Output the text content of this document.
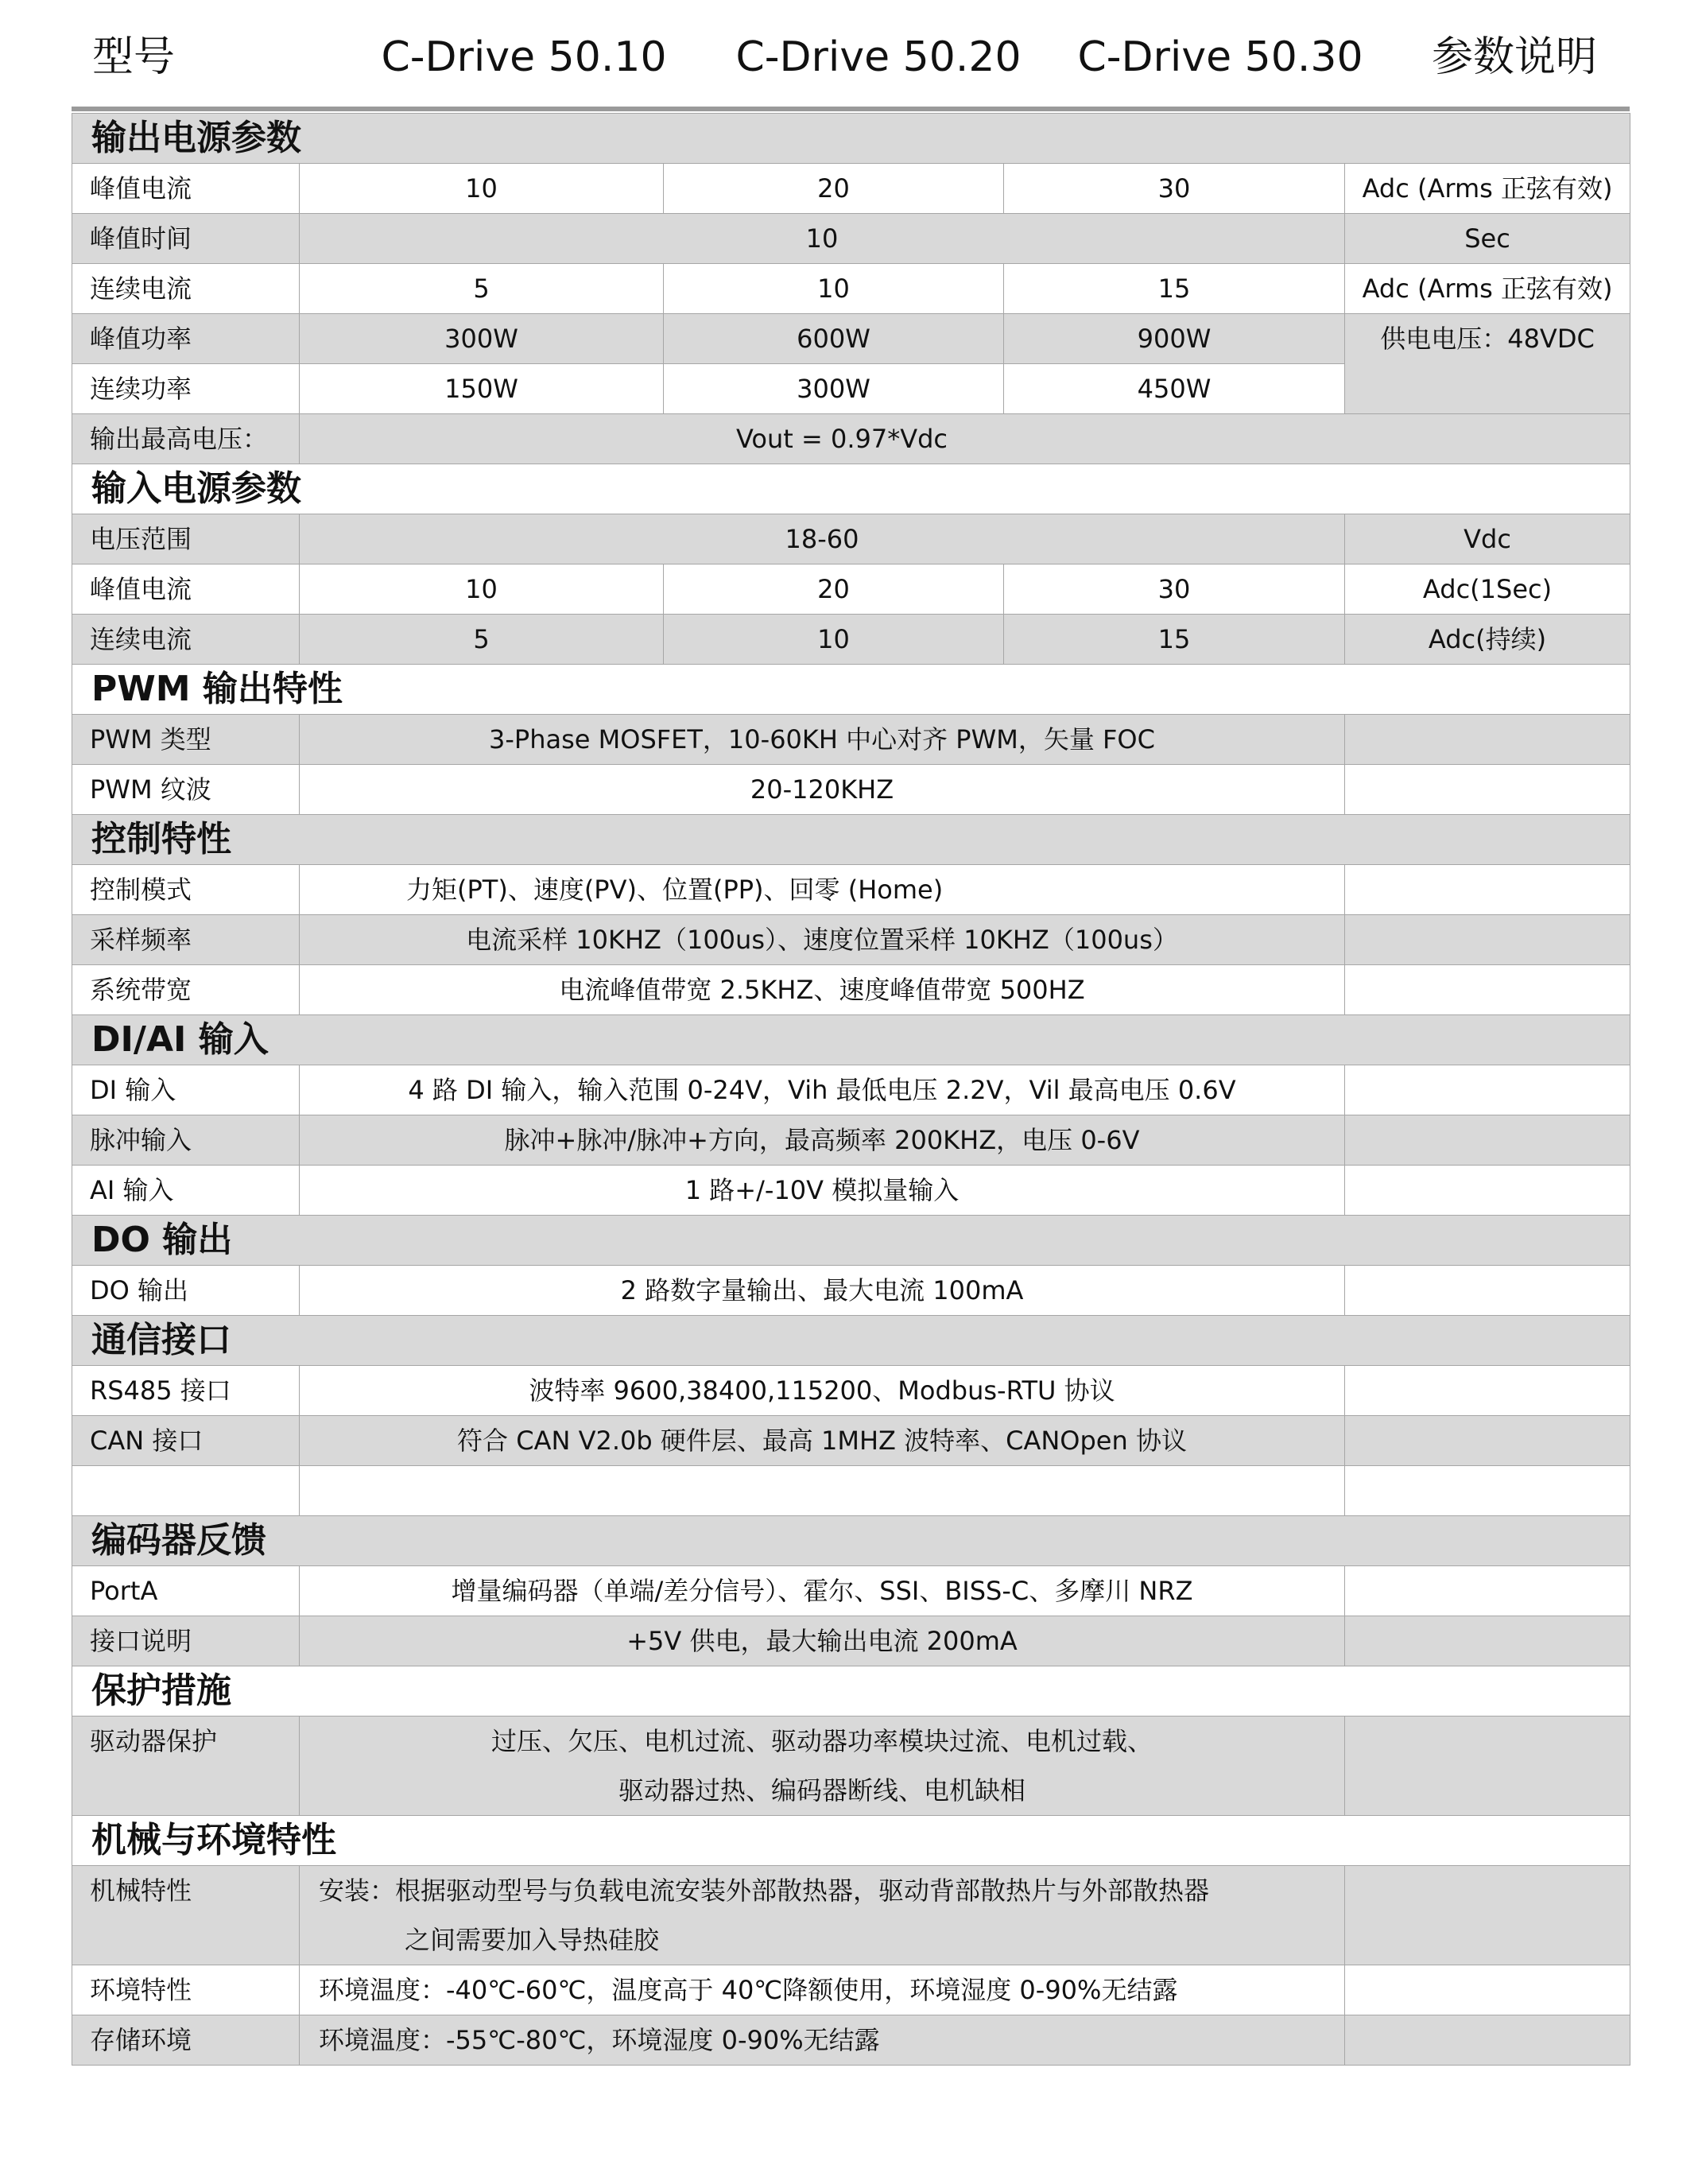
型号	C-Drive 50.10	C-Drive 50.20	C-Drive 50.30	参数说明
输出电源参数				
峰值电流	10	20	30	Adc (Arms 正弦有效)
峰值时间	10			Sec
连续电流	5	10	15	Adc (Arms 正弦有效)
峰值功率	300W	600W	900W	供电电压：48VDC
连续功率	150W	300W	450W	
输出最高电压：	Vout = 0.97*Vdc			
输入电源参数				
电压范围	18-60			Vdc
峰值电流	10	20	30	Adc(1Sec)
连续电流	5	10	15	Adc(持续)
PWM 输出特性				
PWM 类型	3-Phase MOSFET，10-60KH 中心对齐 PWM，矢量 FOC			
PWM 纹波	20-120KHZ			
控制特性				
控制模式	力矩(PT)、速度(PV)、位置(PP)、回零 (Home)			
采样频率	电流采样 10KHZ（100us）、速度位置采样 10KHZ（100us）			
系统带宽	电流峰值带宽 2.5KHZ、速度峰值带宽 500HZ			
DI/AI 输入				
DI 输入	4 路 DI 输入，输入范围 0-24V，Vih 最低电压 2.2V，Vil 最高电压 0.6V			
脉冲输入	脉冲+脉冲/脉冲+方向，最高频率 200KHZ，电压 0-6V			
AI 输入	1 路+/-10V 模拟量输入			
DO 输出				
DO 输出	2 路数字量输出、最大电流 100mA			
通信接口				
RS485 接口	波特率 9600,38400,115200、Modbus-RTU 协议			
CAN 接口	符合 CAN V2.0b 硬件层、最高 1MHZ 波特率、CANOpen 协议			

编码器反馈				
PortA	增量编码器（单端/差分信号）、霍尔、SSI、BISS-C、多摩川 NRZ			
接口说明	+5V 供电，最大输出电流 200mA			
保护措施				
驱动器保护	过压、欠压、电机过流、驱动器功率模块过流、电机过载、
驱动器过热、编码器断线、电机缺相			

机械与环境特性				
机械特性	安装：根据驱动型号与负载电流安装外部散热器，驱动背部散热片与外部散热器
之间需要加入导热硅胶			

环境特性	环境温度：-40℃-60℃，温度高于 40℃降额使用，环境湿度 0-90%无结露			
存储环境	环境温度：-55℃-80℃，环境湿度 0-90%无结露			
